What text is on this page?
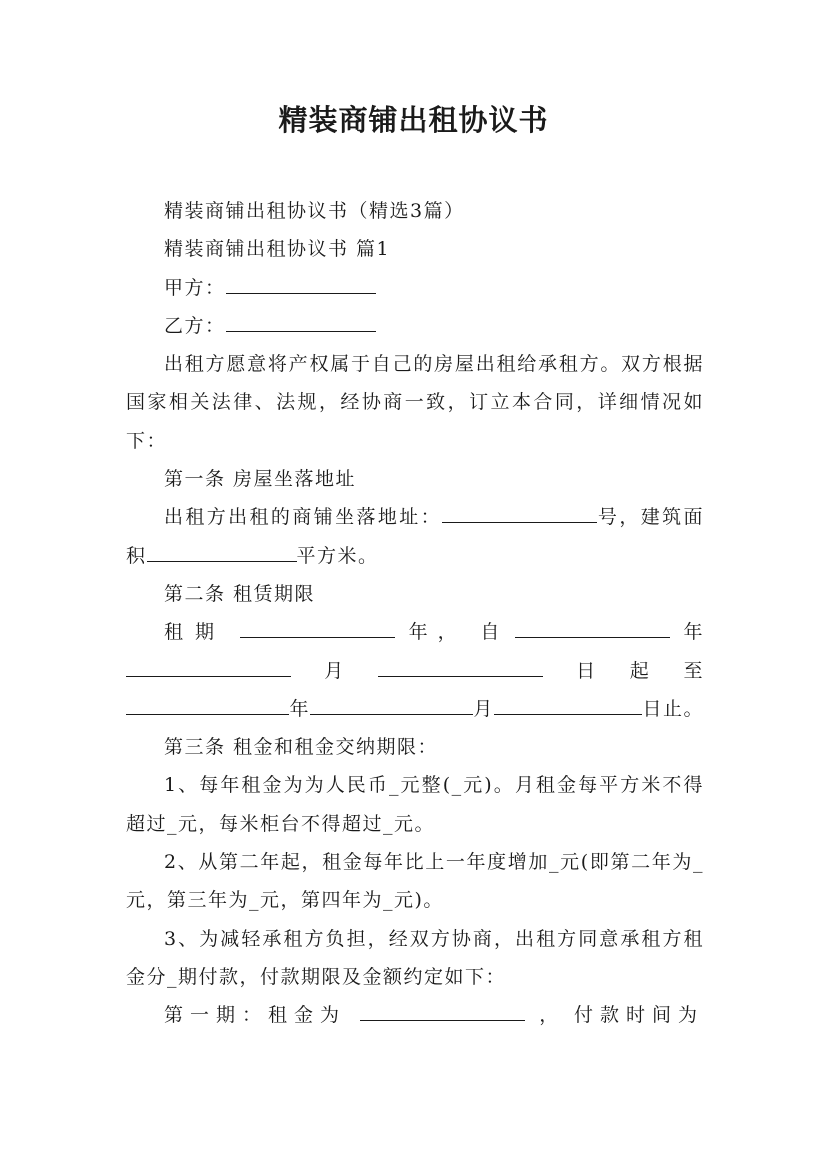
精装商铺出租协议书

精装商铺出租协议书（精选3篇）

精装商铺出租协议书 篇1

甲方：

乙方：

出租方愿意将产权属于自己的房屋出租给承租方。双方根据国家相关法律、法规，经协商一致，订立本合同，详细情况如下：

第一条 房屋坐落地址

出租方出租的商铺坐落地址：	号，建筑面积	平方米。

第二条 租赁期限

租期	年， 自	年
月	日 起 至
年	月	日止。

第三条 租金和租金交纳期限：

1、每年租金为为人民币_元整(_元)。月租金每平方米不得超过_元，每米柜台不得超过_元。

2、从第二年起，租金每年比上一年度增加_元(即第二年为_元，第三年为_元，第四年为_元)。

3、为减轻承租方负担，经双方协商，出租方同意承租方租金分_期付款，付款期限及金额约定如下：

第一期：租金为	， 付款时间为
